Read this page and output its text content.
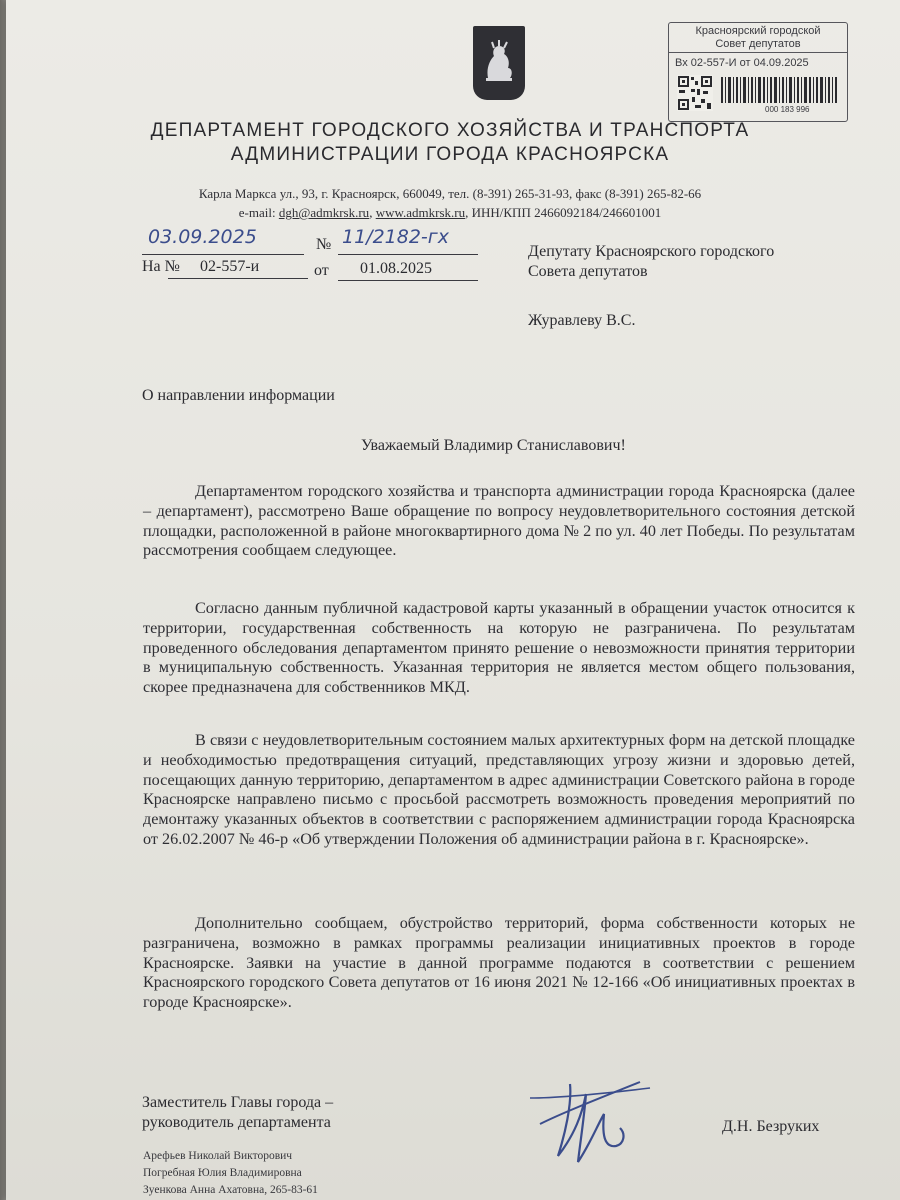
Красноярский городской
Совет депутатов
Вх 02-557-И от 04.09.2025
000 183 996
ДЕПАРТАМЕНТ ГОРОДСКОГО ХОЗЯЙСТВА И ТРАНСПОРТА
АДМИНИСТРАЦИИ ГОРОДА КРАСНОЯРСКА
Карла Маркса ул., 93, г. Красноярск, 660049, тел. (8-391) 265-31-93, факс (8-391) 265-82-66
e-mail: dgh@admkrsk.ru, www.admkrsk.ru, ИНН/КПП 2466092184/246601001
03.09.2025	№ 11/2182-гх
На № 02-557-и	от 01.08.2025
Депутату Красноярского городского
Совета депутатов
Журавлеву В.С.
О направлении информации
Уважаемый Владимир Станиславович!

Департаментом городского хозяйства и транспорта администрации города Красноярска (далее – департамент), рассмотрено Ваше обращение по вопросу неудовлетворительного состояния детской площадки, расположенной в районе многоквартирного дома № 2 по ул. 40 лет Победы. По результатам рассмотрения сообщаем следующее.

Согласно данным публичной кадастровой карты указанный в обращении участок относится к территории, государственная собственность на которую не разграничена. По результатам проведенного обследования департаментом принято решение о невозможности принятия территории в муниципальную собственность. Указанная территория не является местом общего пользования, скорее предназначена для собственников МКД.

В связи с неудовлетворительным состоянием малых архитектурных форм на детской площадке и необходимостью предотвращения ситуаций, представляющих угрозу жизни и здоровью детей, посещающих данную территорию, департаментом в адрес администрации Советского района в городе Красноярске направлено письмо с просьбой рассмотреть возможность проведения мероприятий по демонтажу указанных объектов в соответствии с распоряжением администрации города Красноярска от 26.02.2007 № 46-р «Об утверждении Положения об администрации района в г. Красноярске».

Дополнительно сообщаем, обустройство территорий, форма собственности которых не разграничена, возможно в рамках программы реализации инициативных проектов в городе Красноярске. Заявки на участие в данной программе подаются в соответствии с решением Красноярского городского Совета депутатов от 16 июня 2021 № 12-166 «Об инициативных проектах в городе Красноярске».

Заместитель Главы города –
руководитель департамента	Д.Н. Безруких
Арефьев Николай Викторович
Погребная Юлия Владимировна
Зуенкова Анна Ахатовна, 265-83-61
